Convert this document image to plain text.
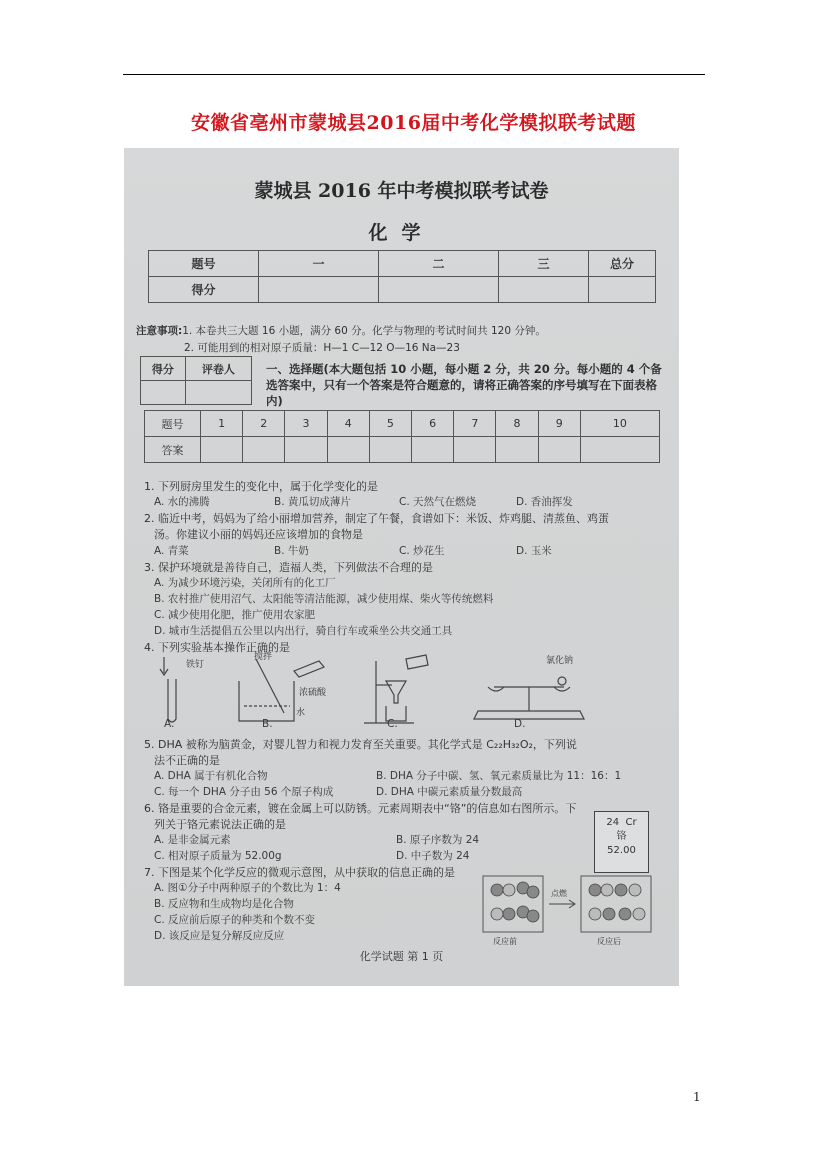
安徽省亳州市蒙城县2016届中考化学模拟联考试题
蒙城县 2016 年中考模拟联考试卷
化学
题号	一	二	三	总分
得分				
注意事项:1. 本卷共三大题 16 小题，满分 60 分。化学与物理的考试时间共 120 分钟。
2. 可能用到的相对原子质量：H—1 C—12 O—16 Na—23
得分	评卷人
		一、选择题(本大题包括 10 小题，每小题 2 分，共 20 分。每小题的 4 个备选答案中，只有一个答案是符合题意的，请将正确答案的序号填写在下面表格内)
题号	1	2	3	4	5	6	7	8	9	10
答案										
1. 下列厨房里发生的变化中，属于化学变化的是
A. 水的沸腾	B. 黄瓜切成薄片	C. 天然气在燃烧	D. 香油挥发
2. 临近中考，妈妈为了给小丽增加营养，制定了午餐，食谱如下：米饭、炸鸡腿、清蒸鱼、鸡蛋
汤。你建议小丽的妈妈还应该增加的食物是
A. 青菜	B. 牛奶	C. 炒花生	D. 玉米
3. 保护环境就是善待自己，造福人类，下列做法不合理的是
A. 为减少环境污染，关闭所有的化工厂
B. 农村推广使用沼气、太阳能等清洁能源，减少使用煤、柴火等传统燃料
C. 减少使用化肥，推广使用农家肥
D. 城市生活提倡五公里以内出行，骑自行车或乘坐公共交通工具
4. 下列实验基本操作正确的是
铁钉
搅拌
浓硫酸
水
氯化钠
A.	B.	C.	D.
5. DHA 被称为脑黄金，对婴儿智力和视力发育至关重要。其化学式是 C₂₂H₃₂O₂，下列说
法不正确的是
A. DHA 属于有机化合物	B. DHA 分子中碳、氢、氧元素质量比为 11：16：1
C. 每一个 DHA 分子由 56 个原子构成	D. DHA 中碳元素质量分数最高
6. 铬是重要的合金元素，镀在金属上可以防锈。元素周期表中“铬”的信息如右图所示。下
列关于铬元素说法正确的是
A. 是非金属元素	B. 原子序数为 24
C. 相对原子质量为 52.00g	D. 中子数为 24
24 Cr
铬
52.00
7. 下图是某个化学反应的微观示意图，从中获取的信息正确的是
A. 图①分子中两种原子的个数比为 1：4
B. 反应物和生成物均是化合物
C. 反应前后原子的种类和个数不变
D. 该反应是复分解反应反应
点燃
反应前	反应后
化学试题 第 1 页
1
